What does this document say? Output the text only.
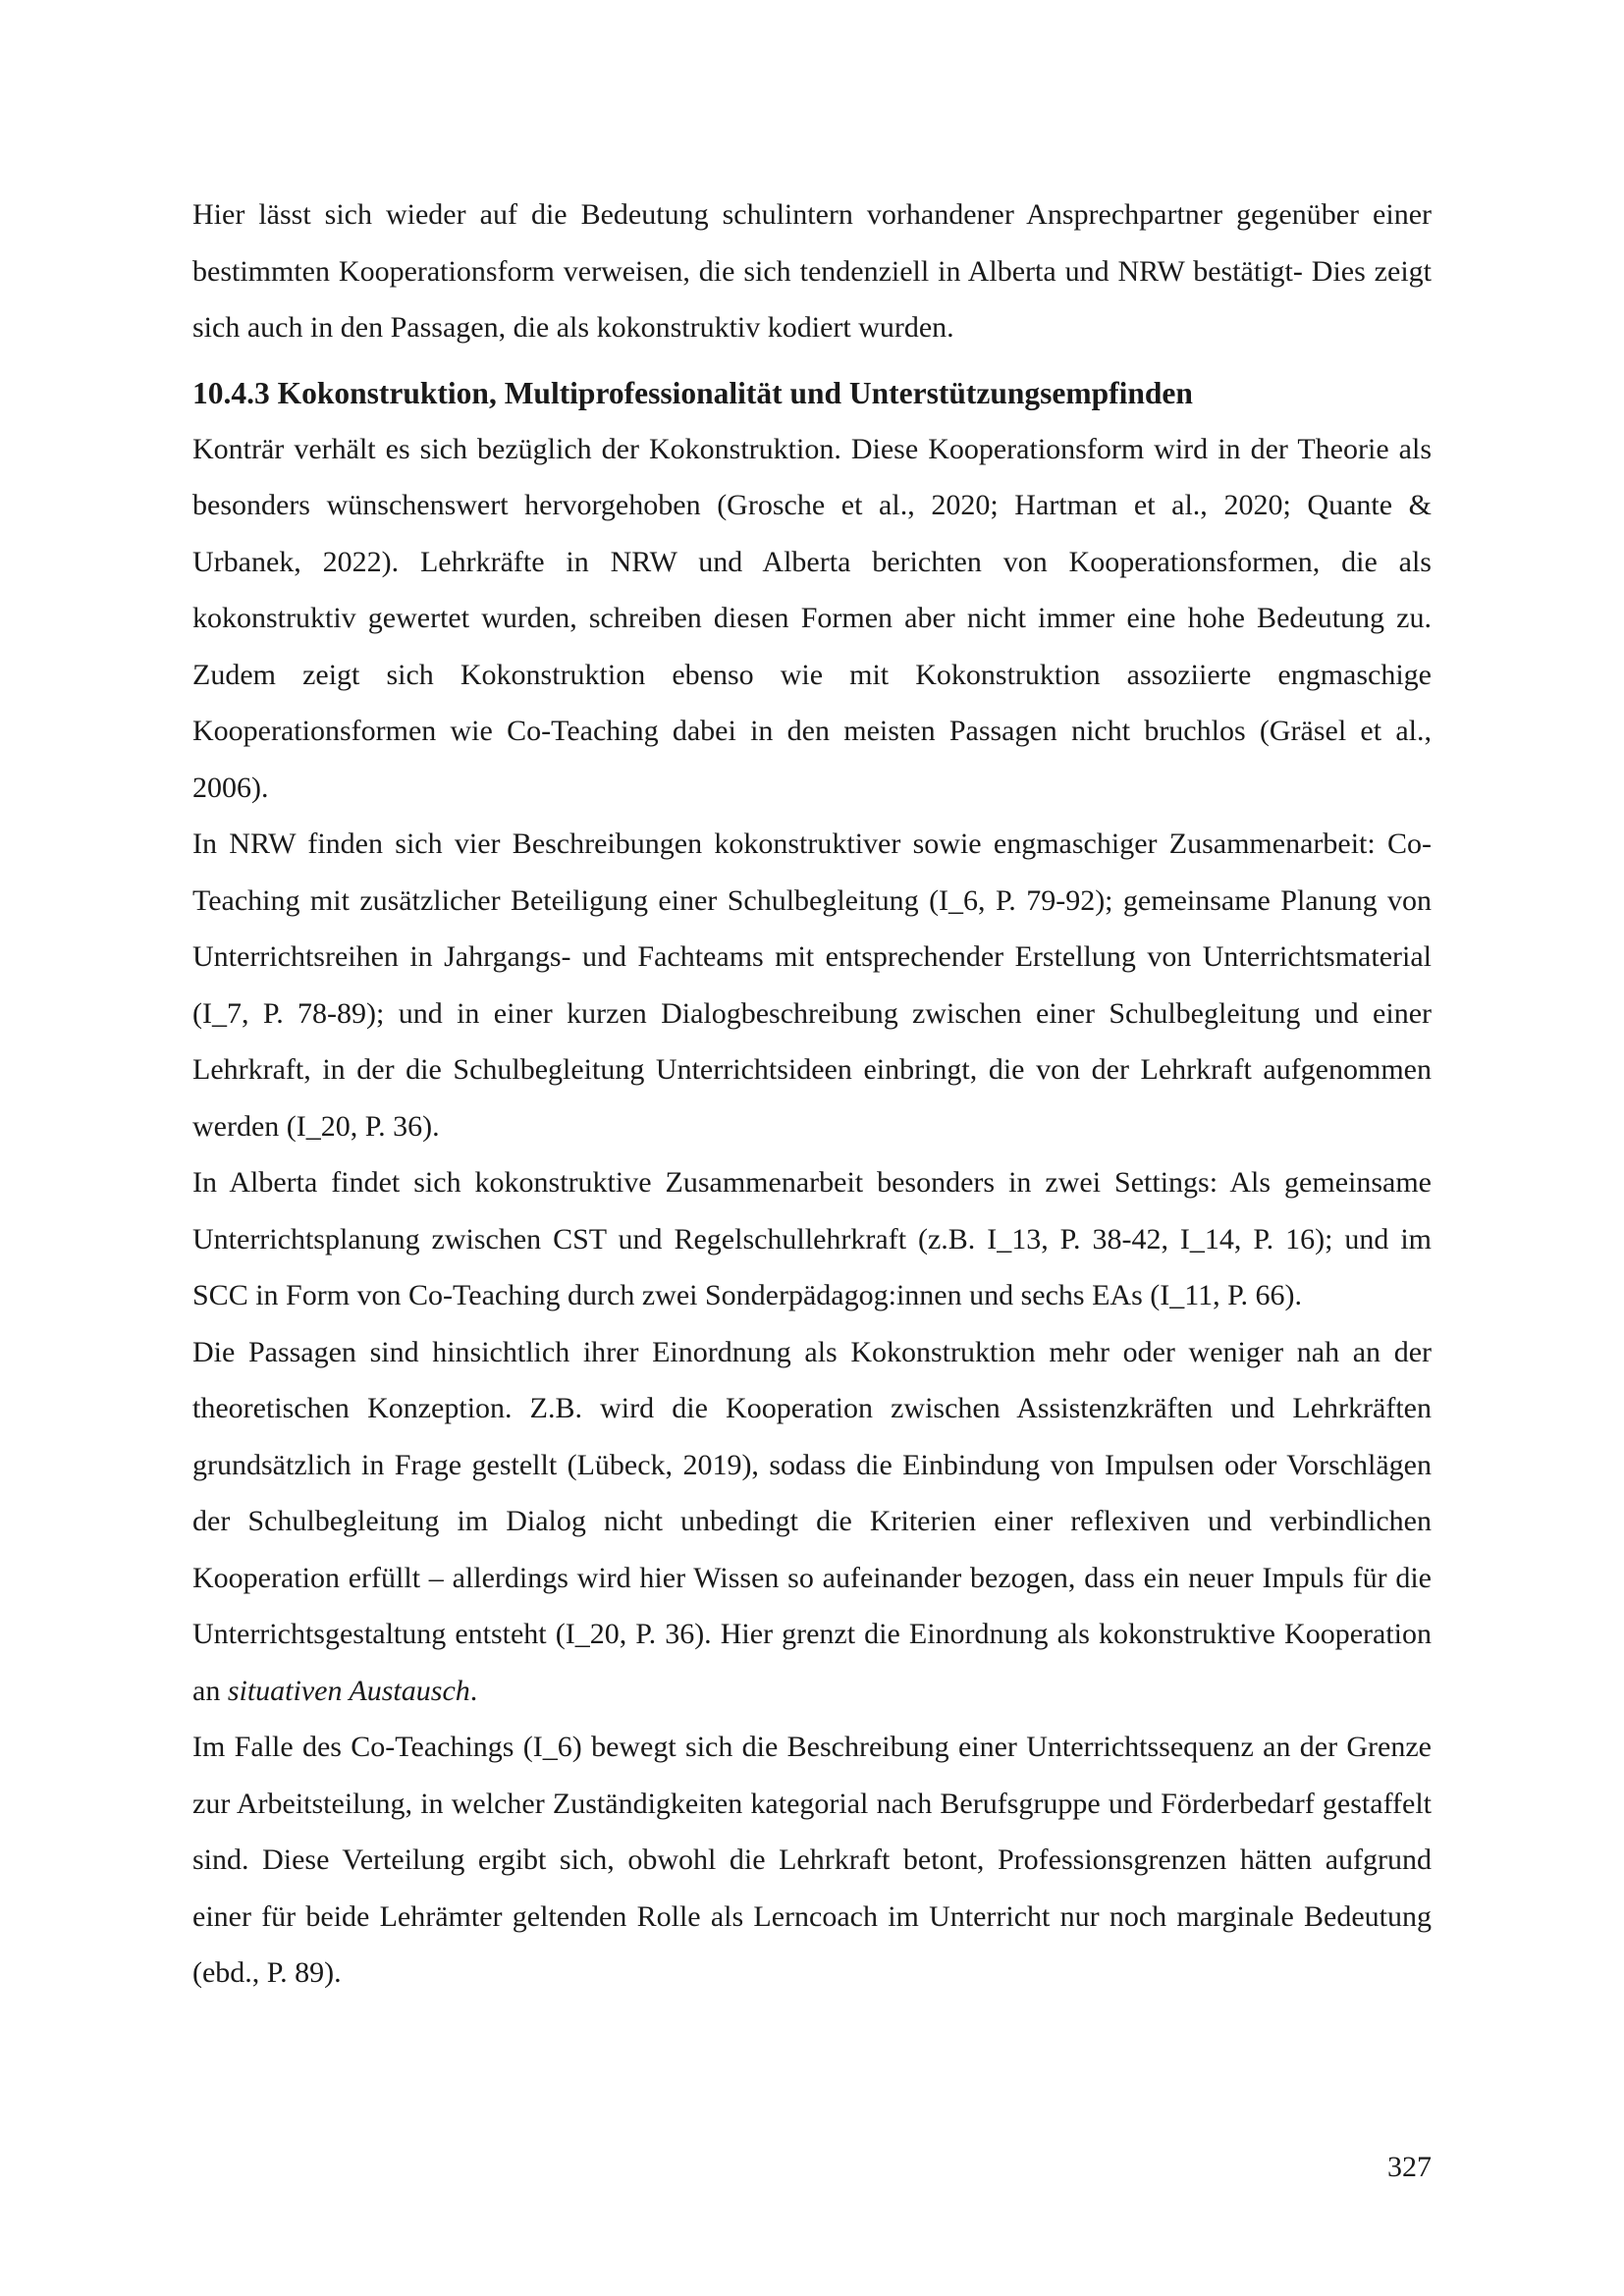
Hier lässt sich wieder auf die Bedeutung schulintern vorhandener Ansprechpartner gegenüber einer bestimmten Kooperationsform verweisen, die sich tendenziell in Alberta und NRW bestätigt- Dies zeigt sich auch in den Passagen, die als kokonstruktiv kodiert wurden.

10.4.3 Kokonstruktion, Multiprofessionalität und Unterstützungsempfinden

Konträr verhält es sich bezüglich der Kokonstruktion. Diese Kooperationsform wird in der Theorie als besonders wünschenswert hervorgehoben (Grosche et al., 2020; Hartman et al., 2020; Quante & Urbanek, 2022). Lehrkräfte in NRW und Alberta berichten von Kooperationsformen, die als kokonstruktiv gewertet wurden, schreiben diesen Formen aber nicht immer eine hohe Bedeutung zu. Zudem zeigt sich Kokonstruktion ebenso wie mit Kokonstruktion assoziierte engmaschige Kooperationsformen wie Co-Teaching dabei in den meisten Passagen nicht bruchlos (Gräsel et al., 2006).

In NRW finden sich vier Beschreibungen kokonstruktiver sowie engmaschiger Zusammenarbeit: Co-Teaching mit zusätzlicher Beteiligung einer Schulbegleitung (I_6, P. 79-92); gemeinsame Planung von Unterrichtsreihen in Jahrgangs- und Fachteams mit entsprechender Erstellung von Unterrichtsmaterial (I_7, P. 78-89); und in einer kurzen Dialogbeschreibung zwischen einer Schulbegleitung und einer Lehrkraft, in der die Schulbegleitung Unterrichtsideen einbringt, die von der Lehrkraft aufgenommen werden (I_20, P. 36).

In Alberta findet sich kokonstruktive Zusammenarbeit besonders in zwei Settings: Als gemeinsame Unterrichtsplanung zwischen CST und Regelschullehrkraft (z.B. I_13, P. 38-42, I_14, P. 16); und im SCC in Form von Co-Teaching durch zwei Sonderpädagog:innen und sechs EAs (I_11, P. 66).

Die Passagen sind hinsichtlich ihrer Einordnung als Kokonstruktion mehr oder weniger nah an der theoretischen Konzeption. Z.B. wird die Kooperation zwischen Assistenzkräften und Lehrkräften grundsätzlich in Frage gestellt (Lübeck, 2019), sodass die Einbindung von Impulsen oder Vorschlägen der Schulbegleitung im Dialog nicht unbedingt die Kriterien einer reflexiven und verbindlichen Kooperation erfüllt – allerdings wird hier Wissen so aufeinander bezogen, dass ein neuer Impuls für die Unterrichtsgestaltung entsteht (I_20, P. 36). Hier grenzt die Einordnung als kokonstruktive Kooperation an situativen Austausch.

Im Falle des Co-Teachings (I_6) bewegt sich die Beschreibung einer Unterrichtssequenz an der Grenze zur Arbeitsteilung, in welcher Zuständigkeiten kategorial nach Berufsgruppe und Förderbedarf gestaffelt sind. Diese Verteilung ergibt sich, obwohl die Lehrkraft betont, Professionsgrenzen hätten aufgrund einer für beide Lehrämter geltenden Rolle als Lerncoach im Unterricht nur noch marginale Bedeutung (ebd., P. 89).

327
